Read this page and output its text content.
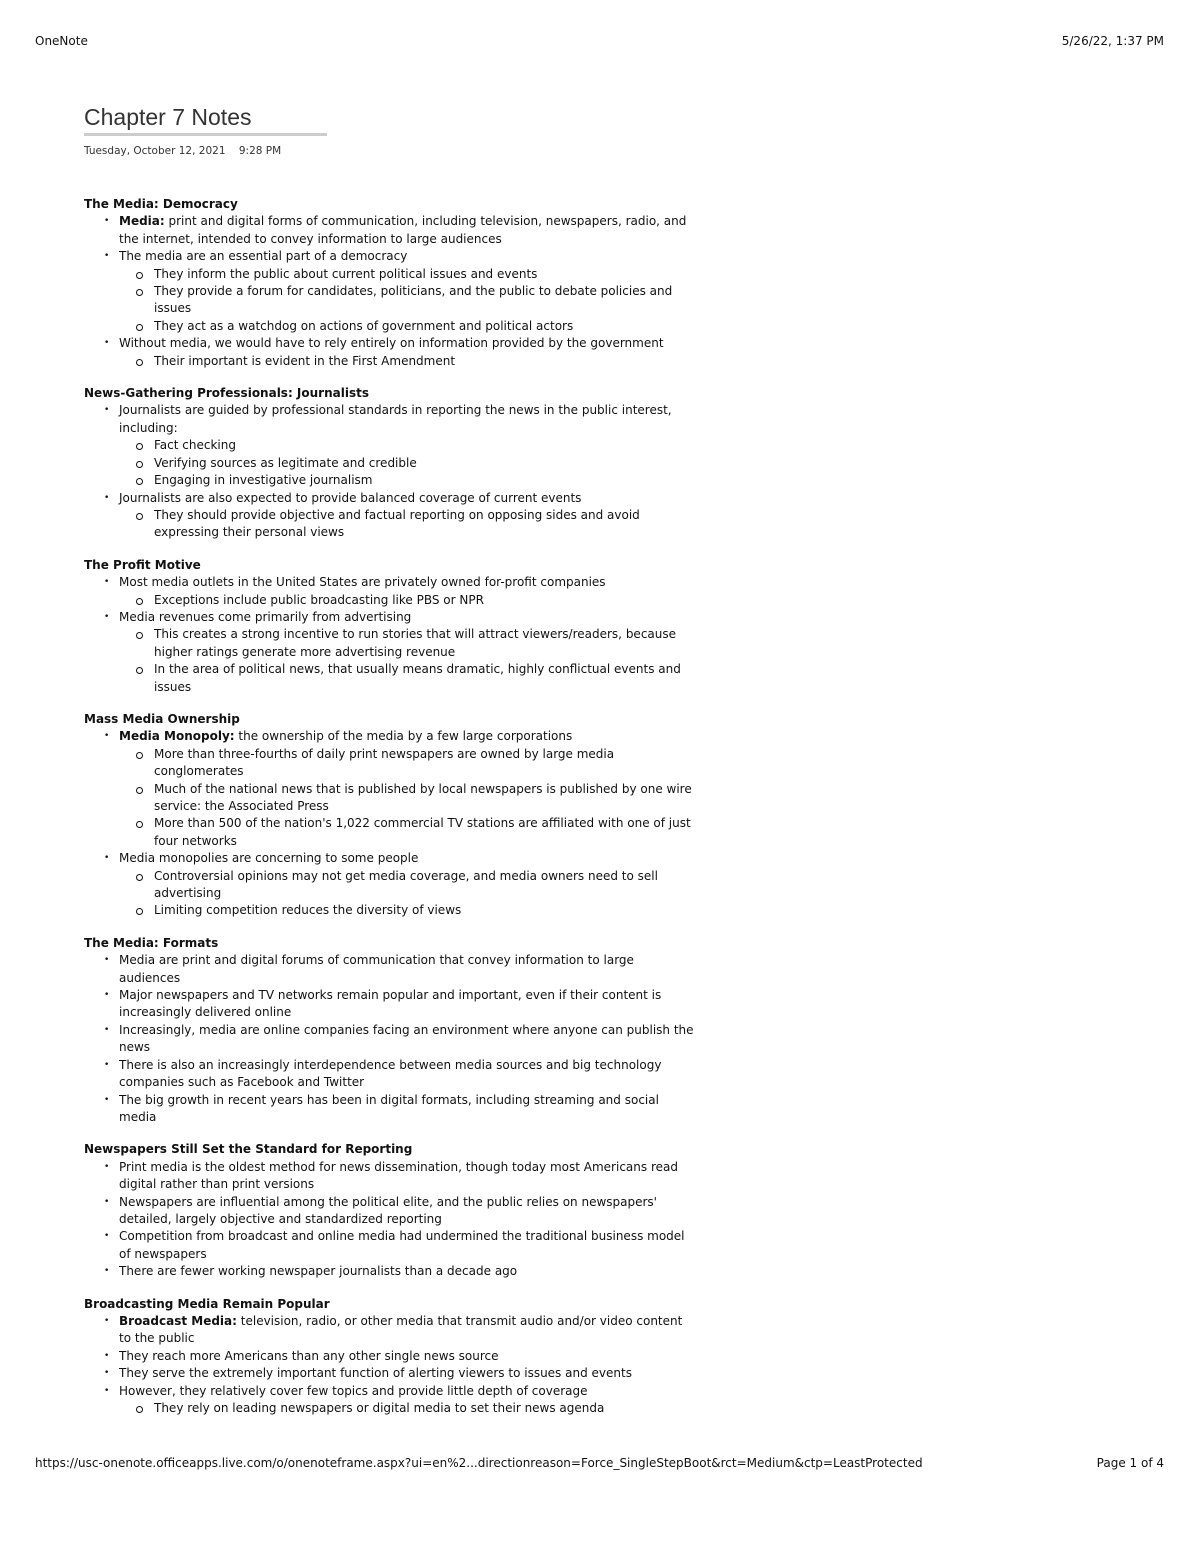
OneNote	5/26/22, 1:37 PM
Chapter 7 Notes
Tuesday, October 12, 2021    9:28 PM
The Media: Democracy
• Media: print and digital forms of communication, including television, newspapers, radio, and the internet, intended to convey information to large audiences
• The media are an essential part of a democracy
They inform the public about current political issues and events
They provide a forum for candidates, politicians, and the public to debate policies and issues
They act as a watchdog on actions of government and political actors
• Without media, we would have to rely entirely on information provided by the government
Their important is evident in the First Amendment
News-Gathering Professionals: Journalists
• Journalists are guided by professional standards in reporting the news in the public interest, including:
Fact checking
Verifying sources as legitimate and credible
Engaging in investigative journalism
• Journalists are also expected to provide balanced coverage of current events
They should provide objective and factual reporting on opposing sides and avoid expressing their personal views
The Profit Motive
• Most media outlets in the United States are privately owned for-profit companies
Exceptions include public broadcasting like PBS or NPR
• Media revenues come primarily from advertising
This creates a strong incentive to run stories that will attract viewers/readers, because higher ratings generate more advertising revenue
In the area of political news, that usually means dramatic, highly conflictual events and issues
Mass Media Ownership
• Media Monopoly: the ownership of the media by a few large corporations
More than three-fourths of daily print newspapers are owned by large media conglomerates
Much of the national news that is published by local newspapers is published by one wire service: the Associated Press
More than 500 of the nation's 1,022 commercial TV stations are affiliated with one of just four networks
• Media monopolies are concerning to some people
Controversial opinions may not get media coverage, and media owners need to sell advertising
Limiting competition reduces the diversity of views
The Media: Formats
• Media are print and digital forums of communication that convey information to large audiences
• Major newspapers and TV networks remain popular and important, even if their content is increasingly delivered online
• Increasingly, media are online companies facing an environment where anyone can publish the news
• There is also an increasingly interdependence between media sources and big technology companies such as Facebook and Twitter
• The big growth in recent years has been in digital formats, including streaming and social media
Newspapers Still Set the Standard for Reporting
• Print media is the oldest method for news dissemination, though today most Americans read digital rather than print versions
• Newspapers are influential among the political elite, and the public relies on newspapers' detailed, largely objective and standardized reporting
• Competition from broadcast and online media had undermined the traditional business model of newspapers
• There are fewer working newspaper journalists than a decade ago
Broadcasting Media Remain Popular
• Broadcast Media: television, radio, or other media that transmit audio and/or video content to the public
• They reach more Americans than any other single news source
• They serve the extremely important function of alerting viewers to issues and events
• However, they relatively cover few topics and provide little depth of coverage
They rely on leading newspapers or digital media to set their news agenda
https://usc-onenote.officeapps.live.com/o/onenoteframe.aspx?ui=en%2...directionreason=Force_SingleStepBoot&rct=Medium&ctp=LeastProtected	Page 1 of 4
